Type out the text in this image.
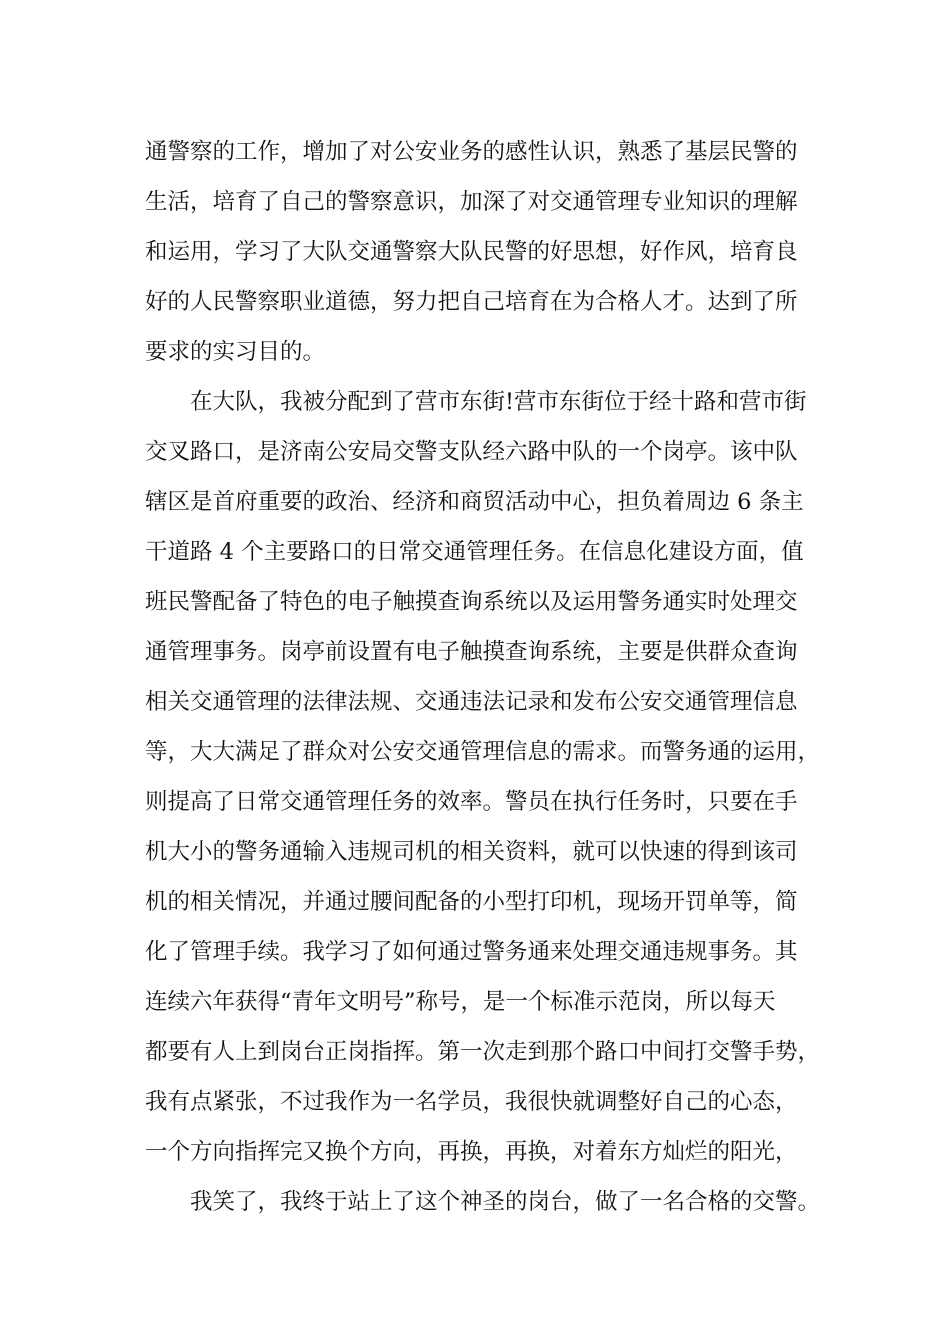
通警察的工作，增加了对公安业务的感性认识，熟悉了基层民警的
生活，培育了自己的警察意识，加深了对交通管理专业知识的理解
和运用，学习了大队交通警察大队民警的好思想，好作风，培育良
好的人民警察职业道德，努力把自己培育在为合格人才。达到了所
要求的实习目的。
在大队，我被分配到了营市东街!营市东街位于经十路和营市街
交叉路口，是济南公安局交警支队经六路中队的一个岗亭。该中队
辖区是首府重要的政治、经济和商贸活动中心，担负着周边 6 条主
干道路 4 个主要路口的日常交通管理任务。在信息化建设方面，值
班民警配备了特色的电子触摸查询系统以及运用警务通实时处理交
通管理事务。岗亭前设置有电子触摸查询系统，主要是供群众查询
相关交通管理的法律法规、交通违法记录和发布公安交通管理信息
等，大大满足了群众对公安交通管理信息的需求。而警务通的运用，
则提高了日常交通管理任务的效率。警员在执行任务时，只要在手
机大小的警务通输入违规司机的相关资料，就可以快速的得到该司
机的相关情况，并通过腰间配备的小型打印机，现场开罚单等，简
化了管理手续。我学习了如何通过警务通来处理交通违规事务。其
连续六年获得“青年文明号”称号，是一个标准示范岗，所以每天
都要有人上到岗台正岗指挥。第一次走到那个路口中间打交警手势，
我有点紧张，不过我作为一名学员，我很快就调整好自己的心态，
一个方向指挥完又换个方向，再换，再换，对着东方灿烂的阳光，
我笑了，我终于站上了这个神圣的岗台，做了一名合格的交警。
